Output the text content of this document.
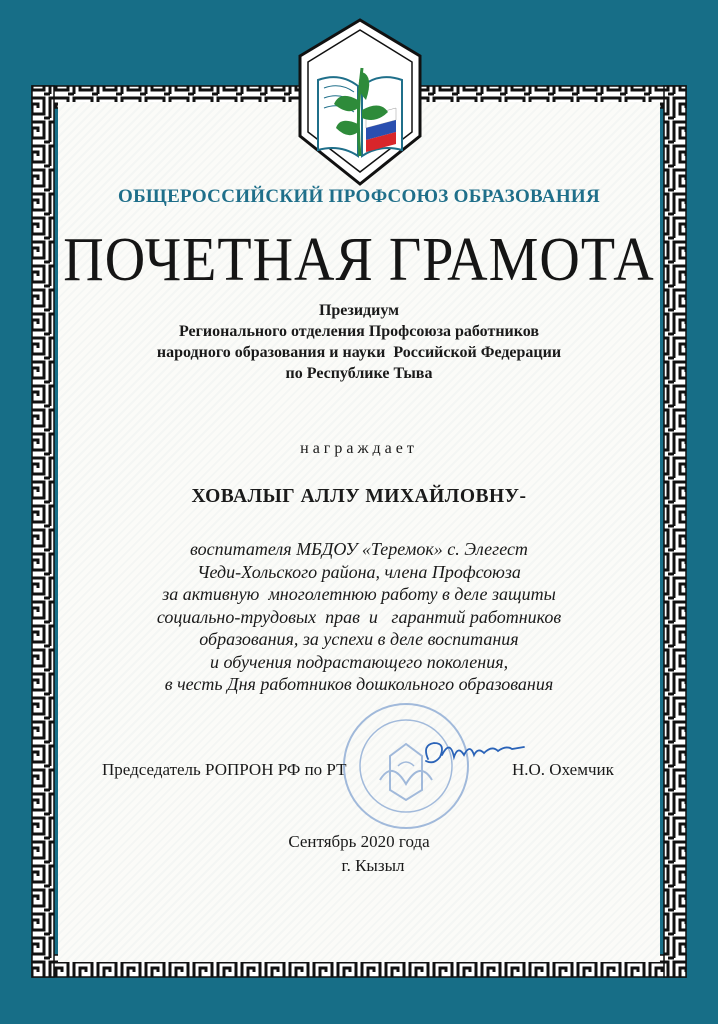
ОБЩЕРОССИЙСКИЙ ПРОФСОЮЗ ОБРАЗОВАНИЯ
ПОЧЕТНАЯ ГРАМОТА
Президиум
Регионального отделения Профсоюза работников
народного образования и науки  Российской Федерации
по Республике Тыва
награждает
ХОВАЛЫГ АЛЛУ МИХАЙЛОВНУ-
воспитателя МБДОУ «Теремок» с. Элегест
Чеди-Хольского района, члена Профсоюза
за активную  многолетнюю работу в деле защиты
социально-трудовых  прав  и   гарантий работников
образования, за успехи в деле воспитания
и обучения подрастающего поколения,
в честь Дня работников дошкольного образования
Председатель РОПРОН РФ по РТ	Н.О. Охемчик
Сентябрь 2020 года
г. Кызыл
